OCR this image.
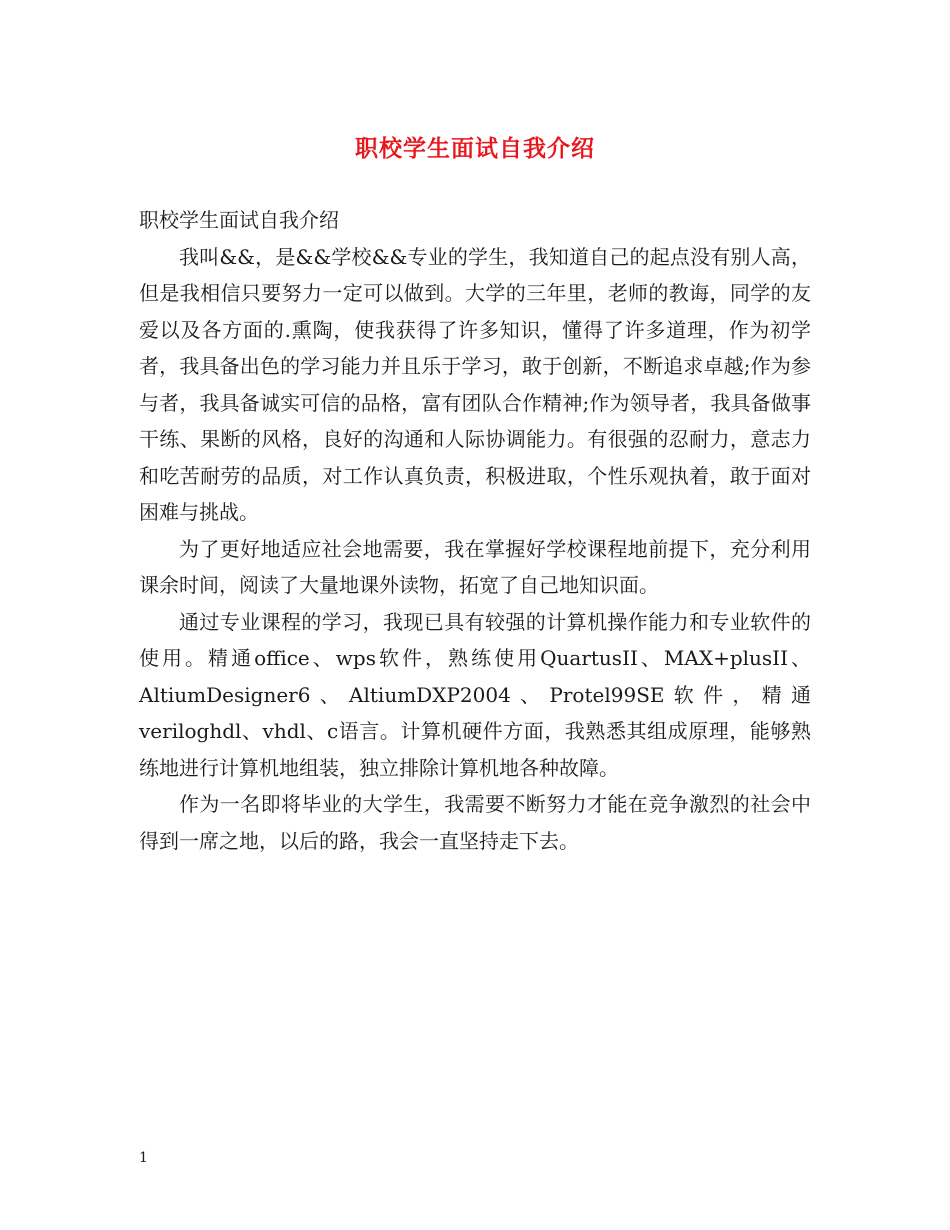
职校学生面试自我介绍

职校学生面试自我介绍

我叫&&，是&&学校&&专业的学生，我知道自己的起点没有别人高，但是我相信只要努力一定可以做到。大学的三年里，老师的教诲，同学的友爱以及各方面的.熏陶，使我获得了许多知识，懂得了许多道理，作为初学者，我具备出色的学习能力并且乐于学习，敢于创新，不断追求卓越;作为参与者，我具备诚实可信的品格，富有团队合作精神;作为领导者，我具备做事干练、果断的风格，良好的沟通和人际协调能力。有很强的忍耐力，意志力和吃苦耐劳的品质，对工作认真负责，积极进取，个性乐观执着，敢于面对困难与挑战。

为了更好地适应社会地需要，我在掌握好学校课程地前提下，充分利用课余时间，阅读了大量地课外读物，拓宽了自己地知识面。

通过专业课程的学习，我现已具有较强的计算机操作能力和专业软件的使用。精通office、wps软件，熟练使用QuartusII、MAX+plusII、AltiumDesigner6、AltiumDXP2004、Protel99SE软件，精通veriloghdl、vhdl、c语言。计算机硬件方面，我熟悉其组成原理，能够熟练地进行计算机地组装，独立排除计算机地各种故障。

作为一名即将毕业的大学生，我需要不断努力才能在竞争激烈的社会中得到一席之地，以后的路，我会一直坚持走下去。

1
